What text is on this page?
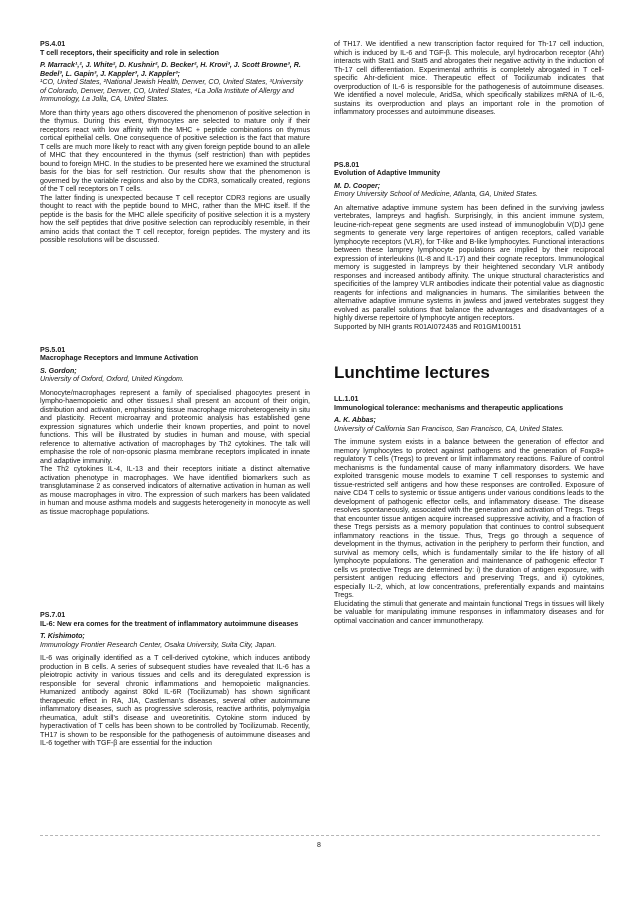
PS.4.01

T cell receptors, their specificity and role in selection

P. Marrack¹,², J. White², D. Kushnir², D. Becker², H. Krovi³, J. Scott Browne³, R. Bedel³, L. Gapin³, J. Kappler³, J. Kappler³;

¹CO, United States, ²National Jewish Health, Denver, CO, United States, ³University of Colorado, Denver, Denver, CO, United States, ⁴La Jolla Institute of Allergy and Immunology, La Jolla, CA, United States.

More than thirty years ago others discovered the phenomenon of positive selection in the thymus. During this event, thymocytes are selected to mature only if their receptors react with low affinity with the MHC + peptide combinations on thymus cortical epithelial cells. One consequence of positive selection is the fact that mature T cells are much more likely to react with any given foreign peptide bound to an allele of MHC that they encountered in the thymus (self restriction) than with peptides bound to foreign MHC. In the studies to be presented here we examined the structural basis for the bias for self restriction. Our results show that the phenomenon is governed by the variable regions and also by the CDR3, somatically created, regions of the T cell receptors on T cells.

The latter finding is unexpected because T cell receptor CDR3 regions are usually thought to react with the peptide bound to MHC, rather than the MHC itself. If the peptide is the basis for the MHC allele specificity of positive selection it is a mystery how the self peptides that drive positive selection can reproducibly resemble, in their amino acids that contact the T cell receptor, foreign peptides. The mystery and its possible resolutions will be discussed.

PS.5.01

Macrophage Receptors and Immune Activation

S. Gordon;

University of Oxford, Oxford, United Kingdom.

Monocyte/macrophages represent a family of specialised phagocytes present in lympho-haemopoietic and other tissues.I shall present an account of their origin, distribution and activation, emphasising tissue macrophage microheterogeneity in situ and plasticity. Recent microarray and proteomic analysis has established gene expression signatures which underlie their known properties, and point to novel functions. This will be illustrated by studies in human and mouse, with special reference to alternative activation of macrophages by Th2 cytokines. The talk will emphasise the role of non-opsonic plasma membrane receptors implicated in innate and adaptive immunity.

The Th2 cytokines IL-4, IL-13 and their receptors initiate a distinct alternative activation phenotype in macrophages. We have identified biomarkers such as transglutaminase 2 as conserved indicators of alternative activation in human as well as mouse macrophages in vitro. The expression of such markers has been validated in human and mouse asthma models and suggests heterogeneity in monocyte as well as tissue macrophage populations.

PS.7.01

IL-6: New era comes for the treatment of inflammatory autoimmune diseases

T. Kishimoto;

Immunology Frontier Research Center, Osaka University, Suita City, Japan.

IL-6 was originally identified as a T cell-derived cytokine, which induces antibody production in B cells. A series of subsequent studies have revealed that IL-6 has a pleiotropic activity in various tissues and cells and its deregulated expression is responsible for several chronic inflammations and hemopoietic malignancies. Humanized antibody against 80kd IL-6R (Tocilizumab) has shown significant therapeutic effect in RA, JIA, Castleman's diseases, several other autoimmune inflammatory diseases, such as progressive sclerosis, reactive arthritis, polymyalgia rheumatica, adult still's disease and uveoretinitis. Cytokine storm induced by hyperactivation of T cells has been shown to be controlled by Tocilizumab. Recently, TH17 is shown to be responsible for the pathogenesis of autoimmune diseases and IL-6 together with TGF-β are essential for the induction

of TH17. We identified a new transcription factor required for Th-17 cell induction, which is induced by IL-6 and TGF-β. This molecule, aryl hydrocarbon receptor (Ahr) interacts with Stat1 and Stat5 and abrogates their negative activity in the induction of Th-17 cell differentiation. Experimental arthritis is completely abrogated in T cell-specific Ahr-deficient mice. Therapeutic effect of Tocilizumab indicates that overproduction of IL-6 is responsible for the pathogenesis of autoimmune diseases. We identified a novel molecule, AridSa, which specifically stabilizes mRNA of IL-6, sustains its overproduction and plays an important role in the promotion of inflammatory processes and autoimmune diseases.

PS.8.01

Evolution of Adaptive Immunity

M. D. Cooper;

Emory University School of Medicine, Atlanta, GA, United States.

An alternative adaptive immune system has been defined in the surviving jawless vertebrates, lampreys and hagfish. Surprisingly, in this ancient immune system, leucine-rich-repeat gene segments are used instead of immunoglobulin V(D)J gene segments to generate very large repertoires of antigen receptors, called variable lymphocyte receptors (VLR), for T-like and B-like lymphocytes. Functional interactions between these lamprey lymphocyte populations are implied by their reciprocal expression of interleukins (IL-8 and IL-17) and their cognate receptors. Immunological memory is suggested in lampreys by their heightened secondary VLR antibody responses and increased antibody affinity. The unique structural characteristics and specificities of the lamprey VLR antibodies indicate their potential value as diagnostic reagents for infections and malignancies in humans. The similarities between the alternative adaptive immune systems in jawless and jawed vertebrates suggest they evolved as parallel solutions that balance the advantages and disadvantages of a highly diverse repertoire of lymphocyte antigen receptors.

Supported by NIH grants R01AI072435 and R01GM100151

Lunchtime lectures

LL.1.01

Immunological tolerance: mechanisms and therapeutic applications

A. K. Abbas;

University of California San Francisco, San Francisco, CA, United States.

The immune system exists in a balance between the generation of effector and memory lymphocytes to protect against pathogens and the generation of Foxp3+ regulatory T cells (Tregs) to prevent or limit inflammatory reactions. Failure of control mechanisms is the fundamental cause of many inflammatory disorders. We have exploited transgenic mouse models to examine T cell responses to systemic and tissue-restricted self antigens and how these responses are controlled. Exposure of naive CD4 T cells to systemic or tissue antigens under various conditions leads to the development of pathogenic effector cells, and inflammatory disease. The disease resolves spontaneously, associated with the generation and activation of Tregs. Tregs that encounter tissue antigen acquire increased suppressive activity, and a fraction of these Tregs persists as a memory population that continues to control subsequent inflammatory reactions in the tissue. Thus, Tregs go through a sequence of development in the thymus, activation in the periphery to perform their function, and survival as memory cells, which is fundamentally similar to the life history of all lymphocyte populations. The generation and maintenance of pathogenic effector T cells vs protective Tregs are determined by: i) the duration of antigen exposure, with persistent antigen reducing effectors and preserving Tregs, and ii) cytokines, especially IL-2, which, at low concentrations, preferentially expands and maintains Tregs.

Elucidating the stimuli that generate and maintain functional Tregs in tissues will likely be valuable for manipulating immune responses in inflammatory diseases and for optimal vaccination and cancer immunotherapy.

8
